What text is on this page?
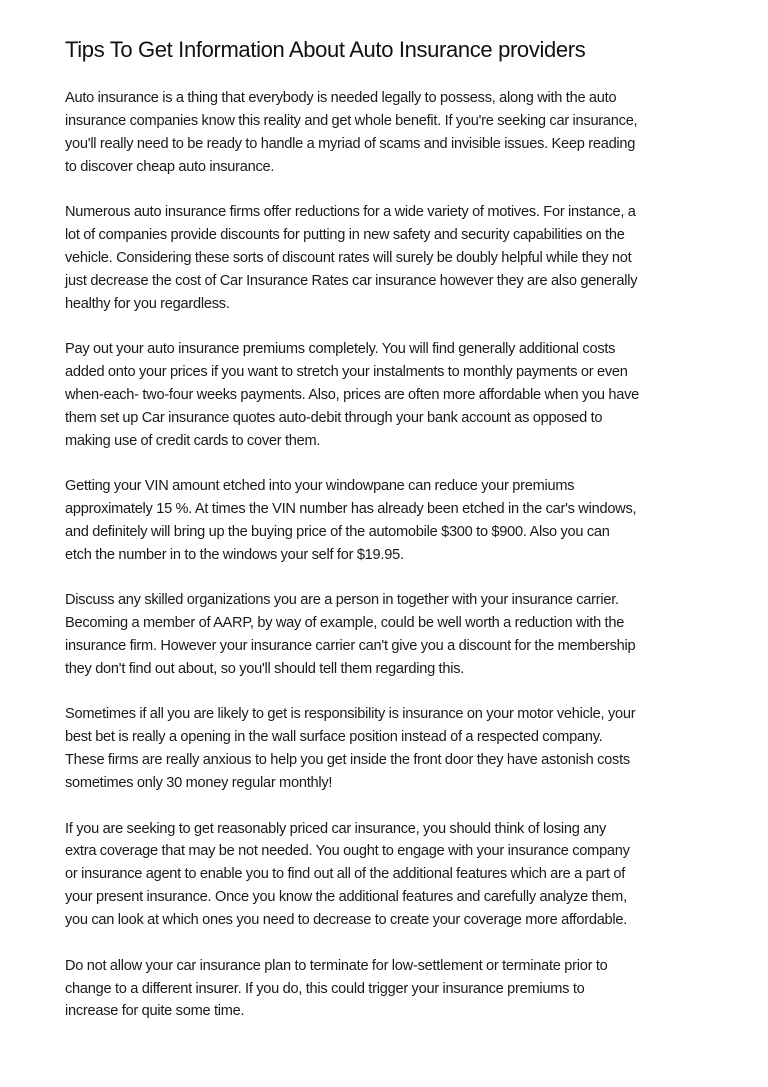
Tips To Get Information About Auto Insurance providers

Auto insurance is a thing that everybody is needed legally to possess, along with the auto
insurance companies know this reality and get whole benefit. If you're seeking car insurance,
you'll really need to be ready to handle a myriad of scams and invisible issues. Keep reading
to discover cheap auto insurance.

Numerous auto insurance firms offer reductions for a wide variety of motives. For instance, a
lot of companies provide discounts for putting in new safety and security capabilities on the
vehicle. Considering these sorts of discount rates will surely be doubly helpful while they not
just decrease the cost of Car Insurance Rates car insurance however they are also generally
healthy for you regardless.

Pay out your auto insurance premiums completely. You will find generally additional costs
added onto your prices if you want to stretch your instalments to monthly payments or even
when-each- two-four weeks payments. Also, prices are often more affordable when you have
them set up Car insurance quotes auto-debit through your bank account as opposed to
making use of credit cards to cover them.

Getting your VIN amount etched into your windowpane can reduce your premiums
approximately 15 %. At times the VIN number has already been etched in the car's windows,
and definitely will bring up the buying price of the automobile $300 to $900. Also you can
etch the number in to the windows your self for $19.95.

Discuss any skilled organizations you are a person in together with your insurance carrier.
Becoming a member of AARP, by way of example, could be well worth a reduction with the
insurance firm. However your insurance carrier can't give you a discount for the membership
they don't find out about, so you'll should tell them regarding this.

Sometimes if all you are likely to get is responsibility is insurance on your motor vehicle, your
best bet is really a opening in the wall surface position instead of a respected company.
These firms are really anxious to help you get inside the front door they have astonish costs
sometimes only 30 money regular monthly!

If you are seeking to get reasonably priced car insurance, you should think of losing any
extra coverage that may be not needed. You ought to engage with your insurance company
or insurance agent to enable you to find out all of the additional features which are a part of
your present insurance. Once you know the additional features and carefully analyze them,
you can look at which ones you need to decrease to create your coverage more affordable.

Do not allow your car insurance plan to terminate for low-settlement or terminate prior to
change to a different insurer. If you do, this could trigger your insurance premiums to
increase for quite some time.
